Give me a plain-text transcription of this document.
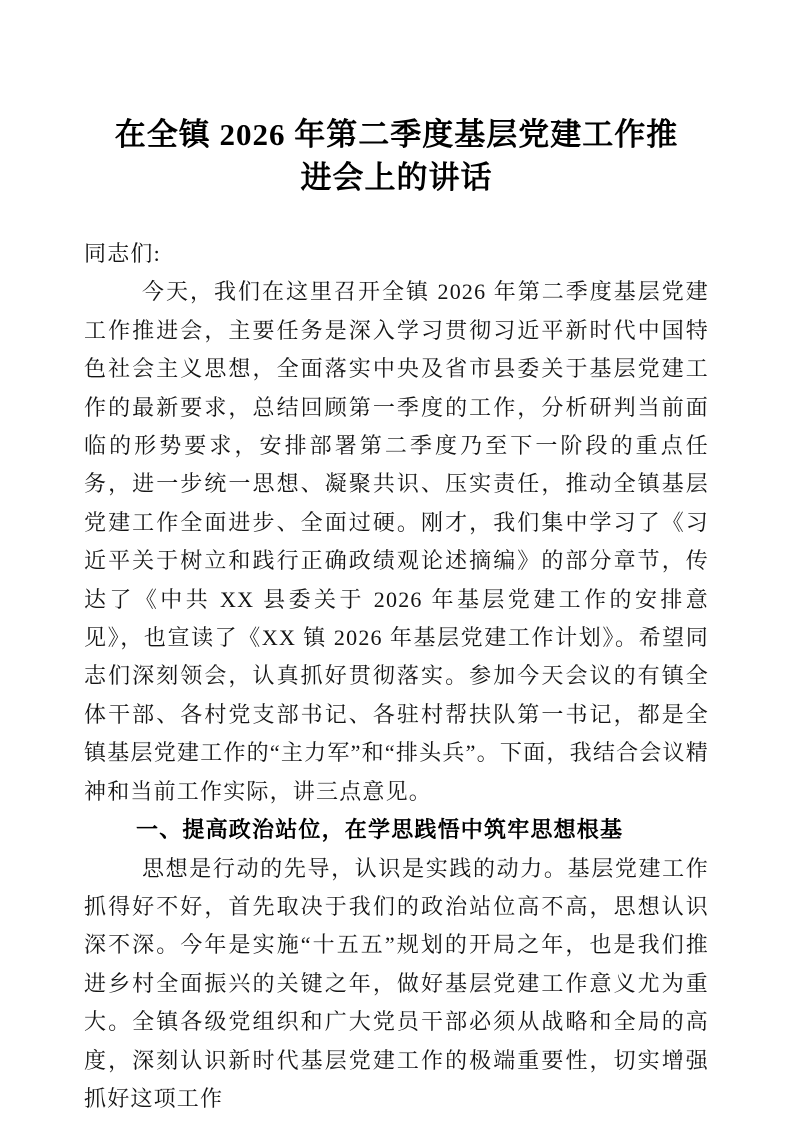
在全镇 2026 年第二季度基层党建工作推
进会上的讲话

同志们:

今天，我们在这里召开全镇 2026 年第二季度基层党建工作推进会，主要任务是深入学习贯彻习近平新时代中国特色社会主义思想，全面落实中央及省市县委关于基层党建工作的最新要求，总结回顾第一季度的工作，分析研判当前面临的形势要求，安排部署第二季度乃至下一阶段的重点任务，进一步统一思想、凝聚共识、压实责任，推动全镇基层党建工作全面进步、全面过硬。刚才，我们集中学习了《习近平关于树立和践行正确政绩观论述摘编》的部分章节，传达了《中共 XX 县委关于 2026 年基层党建工作的安排意见》，也宣读了《XX 镇 2026 年基层党建工作计划》。希望同志们深刻领会，认真抓好贯彻落实。参加今天会议的有镇全体干部、各村党支部书记、各驻村帮扶队第一书记，都是全镇基层党建工作的“主力军”和“排头兵”。下面，我结合会议精神和当前工作实际，讲三点意见。

一、提高政治站位，在学思践悟中筑牢思想根基

思想是行动的先导，认识是实践的动力。基层党建工作抓得好不好，首先取决于我们的政治站位高不高，思想认识深不深。今年是实施“十五五”规划的开局之年，也是我们推进乡村全面振兴的关键之年，做好基层党建工作意义尤为重大。全镇各级党组织和广大党员干部必须从战略和全局的高度，深刻认识新时代基层党建工作的极端重要性，切实增强抓好这项工作
